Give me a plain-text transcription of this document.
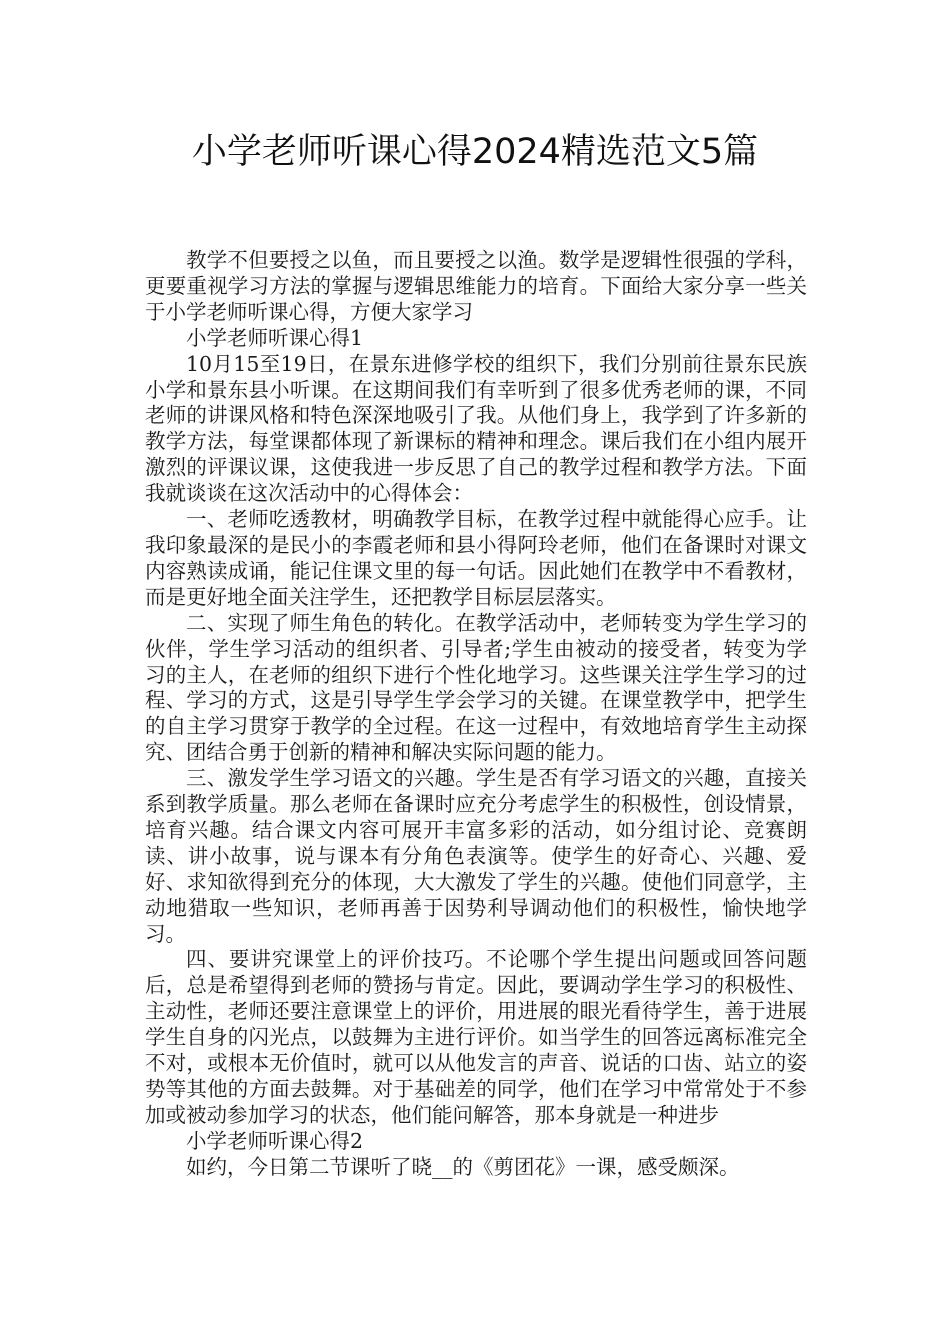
小学老师听课心得2024精选范文5篇

教学不但要授之以鱼，而且要授之以渔。数学是逻辑性很强的学科，更要重视学习方法的掌握与逻辑思维能力的培育。下面给大家分享一些关于小学老师听课心得，方便大家学习

小学老师听课心得1

10月15至19日，在景东进修学校的组织下，我们分别前往景东民族小学和景东县小听课。在这期间我们有幸听到了很多优秀老师的课，不同老师的讲课风格和特色深深地吸引了我。从他们身上，我学到了许多新的教学方法，每堂课都体现了新课标的精神和理念。课后我们在小组内展开激烈的评课议课，这使我进一步反思了自己的教学过程和教学方法。下面我就谈谈在这次活动中的心得体会：

一、老师吃透教材，明确教学目标，在教学过程中就能得心应手。让我印象最深的是民小的李霞老师和县小得阿玲老师，他们在备课时对课文内容熟读成诵，能记住课文里的每一句话。因此她们在教学中不看教材，而是更好地全面关注学生，还把教学目标层层落实。

二、实现了师生角色的转化。在教学活动中，老师转变为学生学习的伙伴，学生学习活动的组织者、引导者;学生由被动的接受者，转变为学习的主人，在老师的组织下进行个性化地学习。这些课关注学生学习的过程、学习的方式，这是引导学生学会学习的关键。在课堂教学中，把学生的自主学习贯穿于教学的全过程。在这一过程中，有效地培育学生主动探究、团结合勇于创新的精神和解决实际问题的能力。

三、激发学生学习语文的兴趣。学生是否有学习语文的兴趣，直接关系到教学质量。那么老师在备课时应充分考虑学生的积极性，创设情景，培育兴趣。结合课文内容可展开丰富多彩的活动，如分组讨论、竞赛朗读、讲小故事，说与课本有分角色表演等。使学生的好奇心、兴趣、爱好、求知欲得到充分的体现，大大激发了学生的兴趣。使他们同意学，主动地猎取一些知识，老师再善于因势利导调动他们的积极性，愉快地学习。

四、要讲究课堂上的评价技巧。不论哪个学生提出问题或回答问题后，总是希望得到老师的赞扬与肯定。因此，要调动学生学习的积极性、主动性，老师还要注意课堂上的评价，用进展的眼光看待学生，善于进展学生自身的闪光点，以鼓舞为主进行评价。如当学生的回答远离标准完全不对，或根本无价值时，就可以从他发言的声音、说话的口齿、站立的姿势等其他的方面去鼓舞。对于基础差的同学，他们在学习中常常处于不参加或被动参加学习的状态，他们能问解答，那本身就是一种进步

小学老师听课心得2

如约，今日第二节课听了晓__的《剪团花》一课，感受颇深。
